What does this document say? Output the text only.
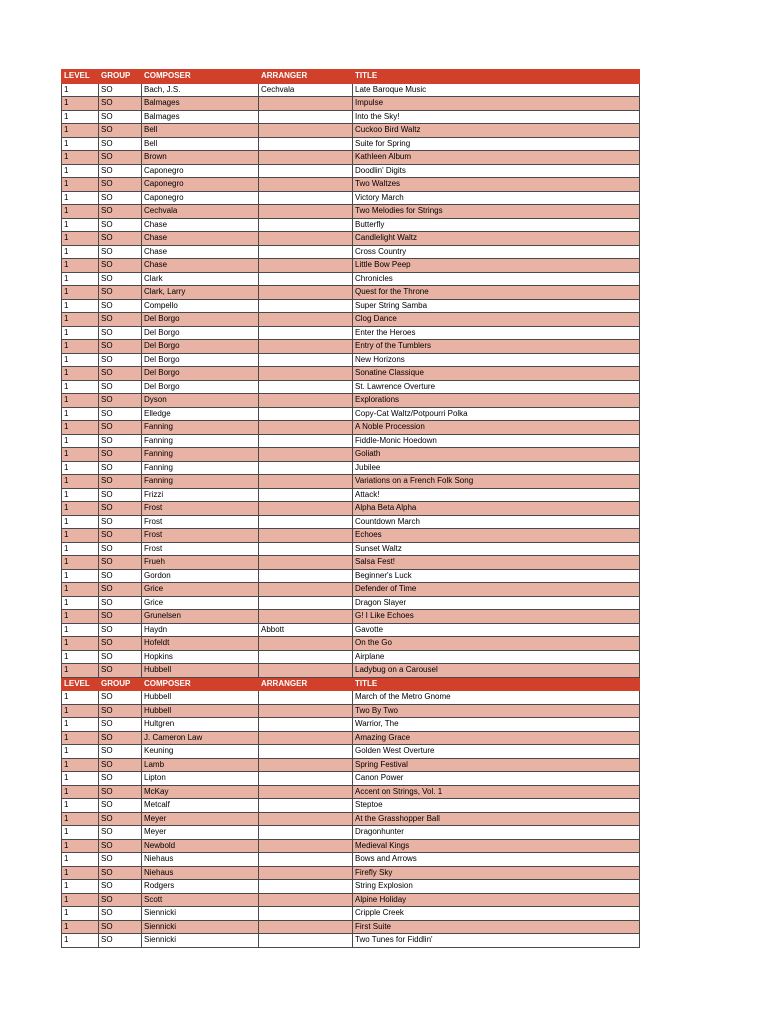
LEVEL	GROUP	COMPOSER	ARRANGER	TITLE
1	SO	Bach, J.S.	Cechvala	Late Baroque Music
1	SO	Balmages		Impulse
1	SO	Balmages		Into the Sky!
1	SO	Bell		Cuckoo Bird Waltz
1	SO	Bell		Suite for Spring
1	SO	Brown		Kathleen Album
1	SO	Caponegro		Doodlin' Digits
1	SO	Caponegro		Two Waltzes
1	SO	Caponegro		Victory March
1	SO	Cechvala		Two Melodies for Strings
1	SO	Chase		Butterfly
1	SO	Chase		Candlelight Waltz
1	SO	Chase		Cross Country
1	SO	Chase		Little Bow Peep
1	SO	Clark		Chronicles
1	SO	Clark, Larry		Quest for the Throne
1	SO	Compello		Super String Samba
1	SO	Del Borgo		Clog Dance
1	SO	Del Borgo		Enter the Heroes
1	SO	Del Borgo		Entry of the Tumblers
1	SO	Del Borgo		New Horizons
1	SO	Del Borgo		Sonatine Classique
1	SO	Del Borgo		St. Lawrence Overture
1	SO	Dyson		Explorations
1	SO	Elledge		Copy-Cat Waltz/Potpourri Polka
1	SO	Fanning		A Noble Procession
1	SO	Fanning		Fiddle-Monic Hoedown
1	SO	Fanning		Goliath
1	SO	Fanning		Jubilee
1	SO	Fanning		Variations on a French Folk Song
1	SO	Frizzi		Attack!
1	SO	Frost		Alpha Beta Alpha
1	SO	Frost		Countdown March
1	SO	Frost		Echoes
1	SO	Frost		Sunset Waltz
1	SO	Frueh		Salsa Fest!
1	SO	Gordon		Beginner's Luck
1	SO	Grice		Defender of Time
1	SO	Grice		Dragon Slayer
1	SO	Grunelsen		G! I Like Echoes
1	SO	Haydn	Abbott	Gavotte
1	SO	Hofeldt		On the Go
1	SO	Hopkins		Airplane
1	SO	Hubbell		Ladybug on a Carousel
LEVEL	GROUP	COMPOSER	ARRANGER	TITLE
1	SO	Hubbell		March of the Metro Gnome
1	SO	Hubbell		Two By Two
1	SO	Hultgren		Warrior, The
1	SO	J. Cameron Law		Amazing Grace
1	SO	Keuning		Golden West Overture
1	SO	Lamb		Spring Festival
1	SO	Lipton		Canon Power
1	SO	McKay		Accent on Strings, Vol. 1
1	SO	Metcalf		Steptoe
1	SO	Meyer		At the Grasshopper Ball
1	SO	Meyer		Dragonhunter
1	SO	Newbold		Medieval Kings
1	SO	Niehaus		Bows and Arrows
1	SO	Niehaus		Firefly Sky
1	SO	Rodgers		String Explosion
1	SO	Scott		Alpine Holiday
1	SO	Siennicki		Cripple Creek
1	SO	Siennicki		First Suite
1	SO	Siennicki		Two Tunes for Fiddlin'
